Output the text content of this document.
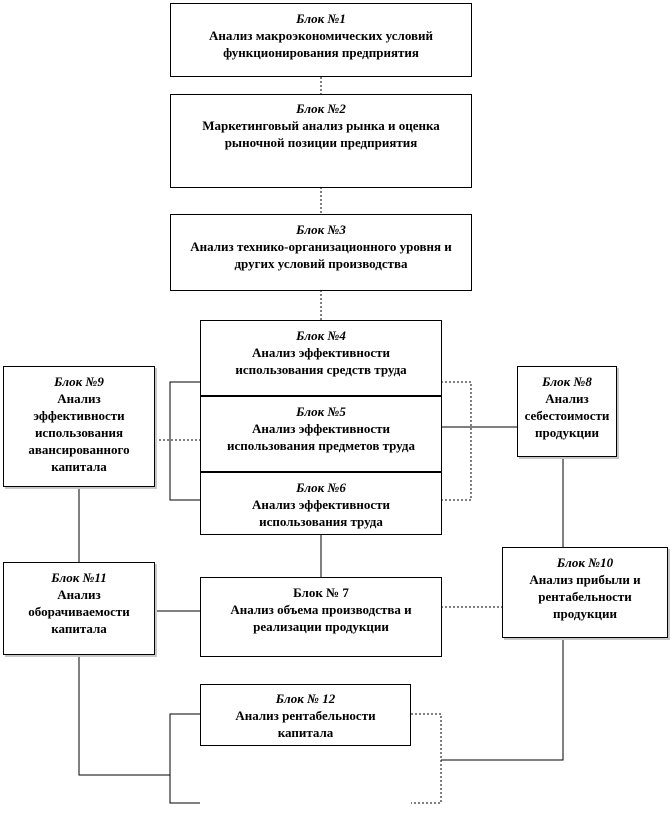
Блок №1
Анализ макроэкономических условий функционирования предприятия
Блок №2
Маркетинговый анализ рынка и оценка рыночной позиции предприятия
Блок №3
Анализ технико-организационного уровня и других условий производства
Блок №4
Анализ эффективности использования средств труда
Блок №5
Анализ эффективности использования предметов труда
Блок №6
Анализ эффективности использования труда
Блок № 7
Анализ объема производства и реализации продукции
Блок №8
Анализ себестоимости продукции
Блок №9
Анализ эффективности использования авансированного капитала
Блок №10
Анализ прибыли и рентабельности продукции
Блок №11
Анализ оборачиваемости капитала
Блок № 12
Анализ рентабельности капитала
